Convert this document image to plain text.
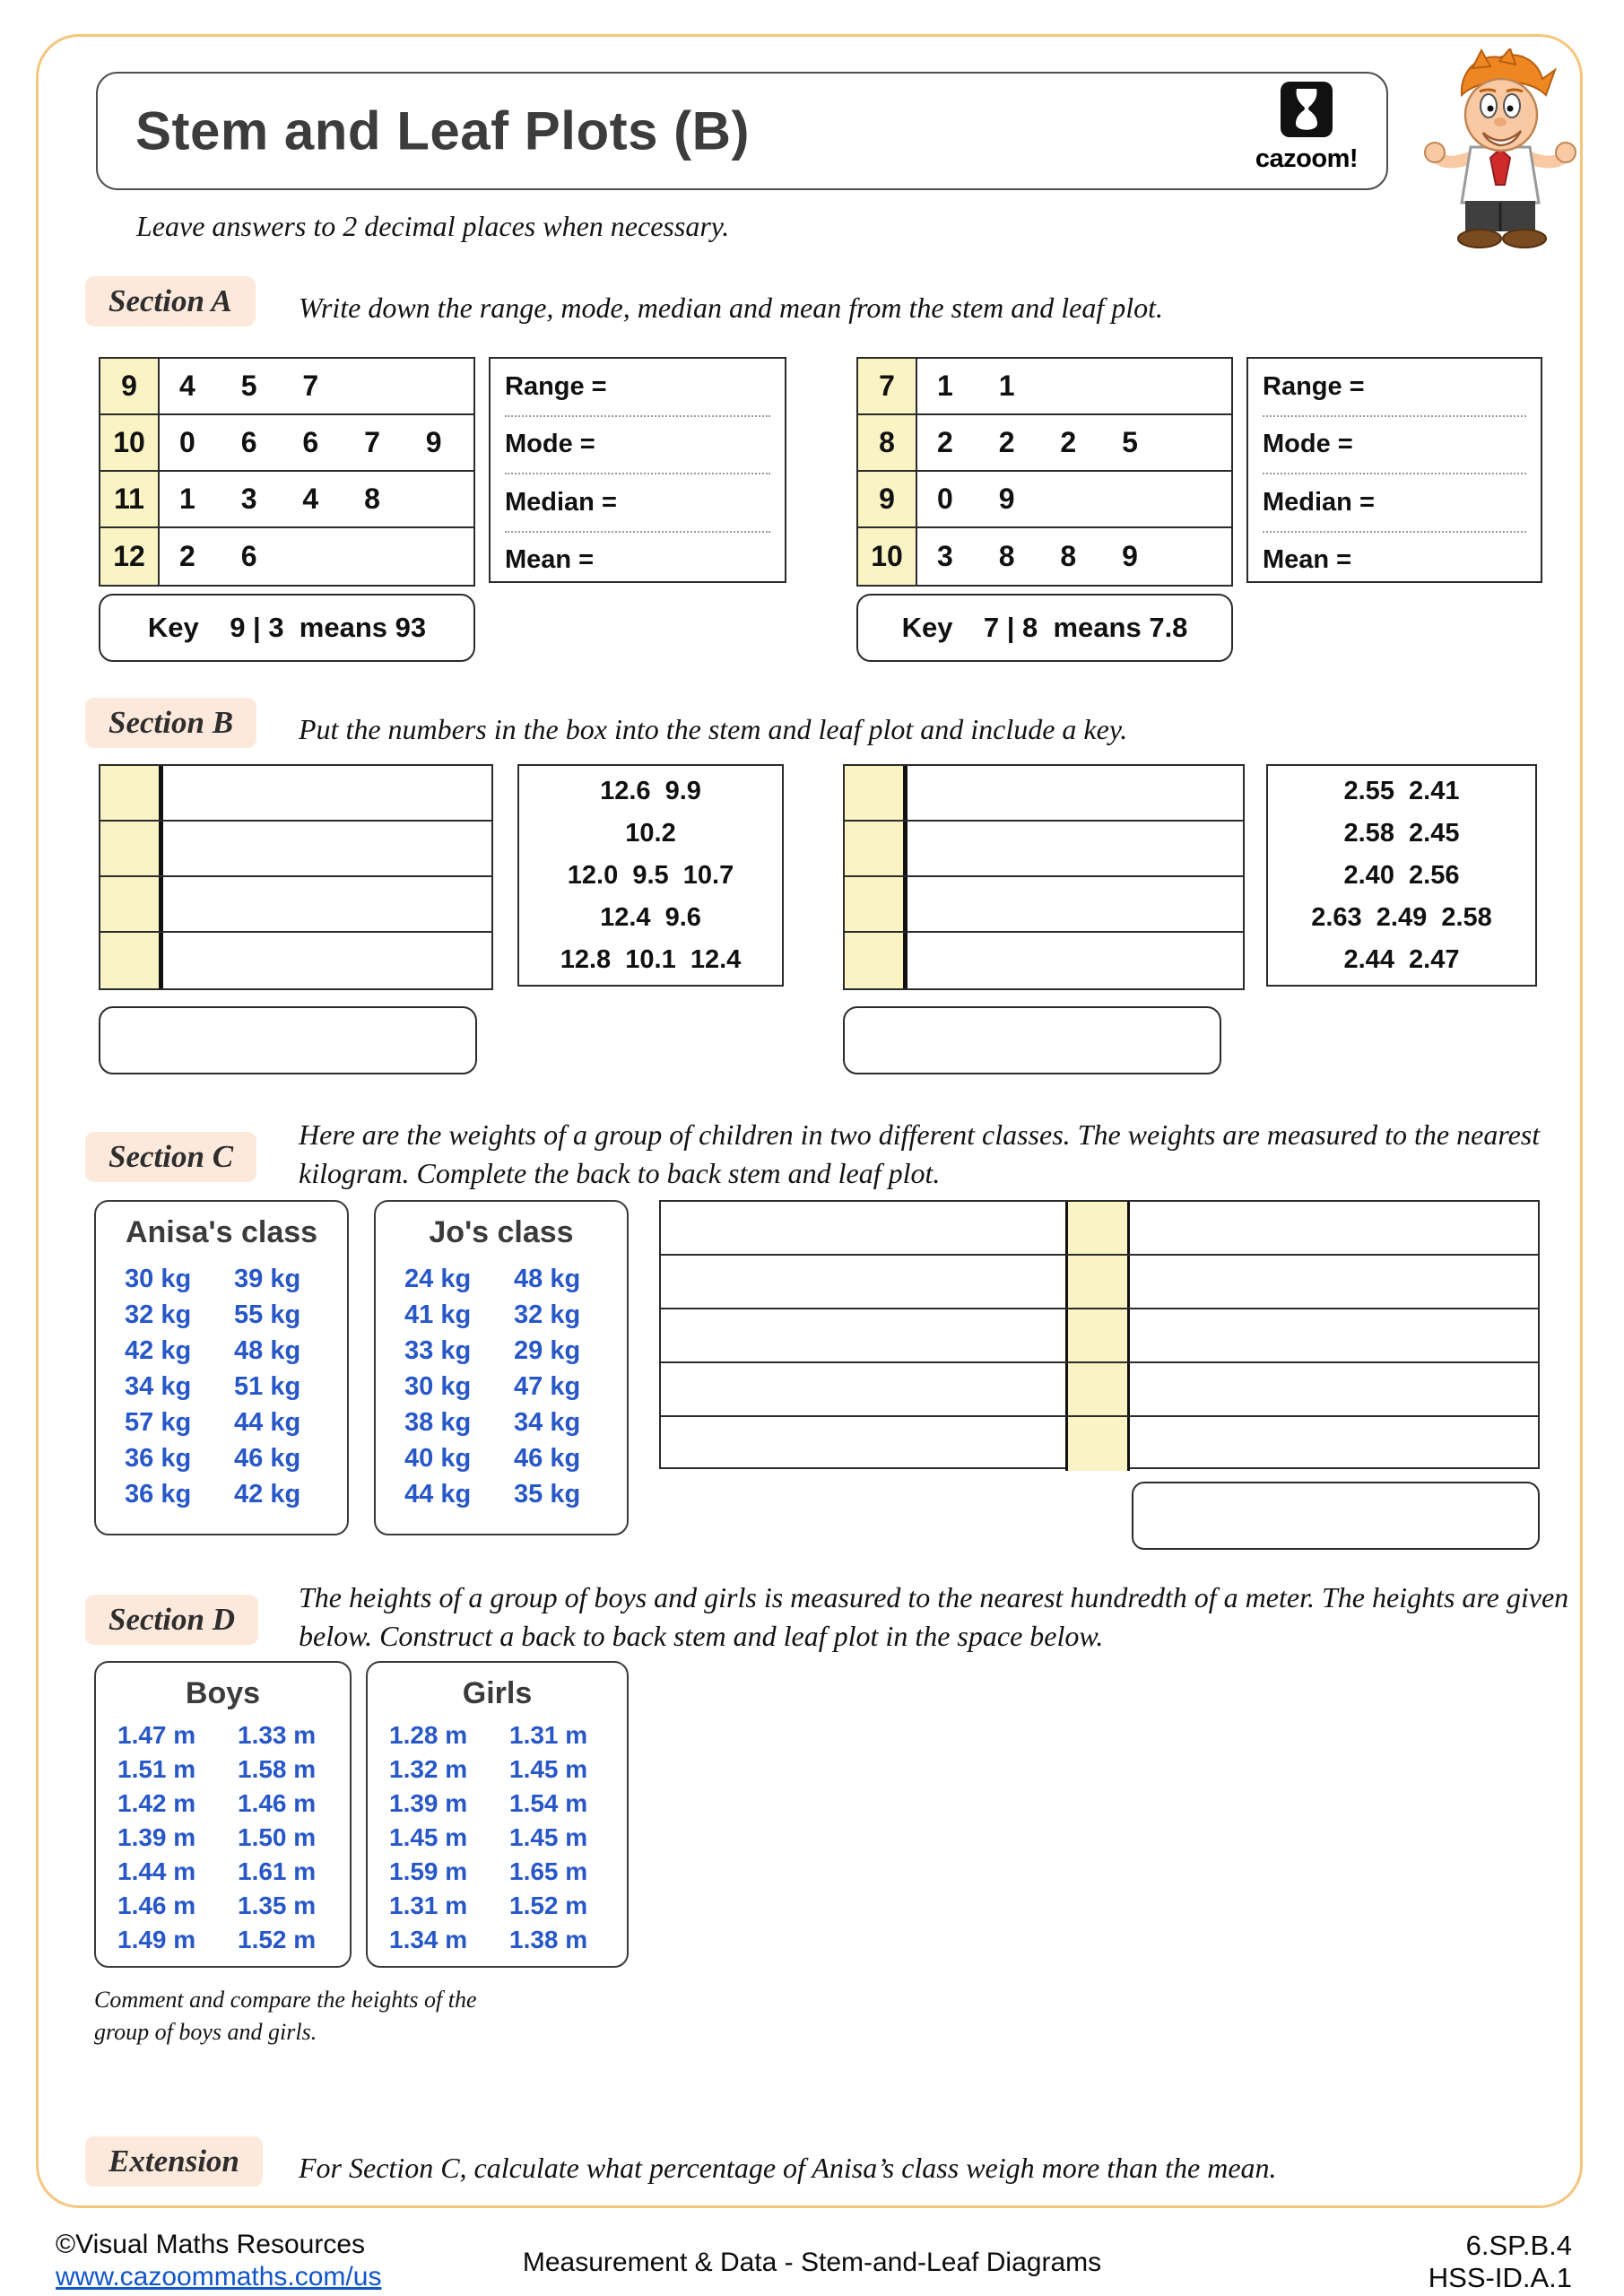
Stem and Leaf Plots (B)	cazoom!
Leave answers to 2 decimal places when necessary.
Section A	Write down the range, mode, median and mean from the stem and leaf plot.
9	4 5 7
10	0 6 6 7 9
11	1 3 4 8
12	2 6
Range =
Mode =
Median =
Mean =
7	1 1
8	2 2 2 5
9	0 9
10	3 8 8 9
Range =
Mode =
Median =
Mean =
Key    9 | 3  means 93	Key    7 | 8  means 7.8
Section B	Put the numbers in the box into the stem and leaf plot and include a key.
12.6  9.9
10.2
12.0  9.5  10.7
12.4  9.6
12.8  10.1  12.4
2.55  2.41
2.58  2.45
2.40  2.56
2.63  2.49  2.58
2.44  2.47
Section C
Here are the weights of a group of children in two different classes. The weights are measured to the nearest kilogram. Complete the back to back stem and leaf plot.
Anisa's class
30 kg	39 kg
32 kg	55 kg
42 kg	48 kg
34 kg	51 kg
57 kg	44 kg
36 kg	46 kg
36 kg	42 kg
Jo's class
24 kg	48 kg
41 kg	32 kg
33 kg	29 kg
30 kg	47 kg
38 kg	34 kg
40 kg	46 kg
44 kg	35 kg
Section D
The heights of a group of boys and girls is measured to the nearest hundredth of a meter. The heights are given below. Construct a back to back stem and leaf plot in the space below.
Boys
1.47 m	1.33 m
1.51 m	1.58 m
1.42 m	1.46 m
1.39 m	1.50 m
1.44 m	1.61 m
1.46 m	1.35 m
1.49 m	1.52 m
Girls
1.28 m	1.31 m
1.32 m	1.45 m
1.39 m	1.54 m
1.45 m	1.45 m
1.59 m	1.65 m
1.31 m	1.52 m
1.34 m	1.38 m
Comment and compare the heights of the group of boys and girls.
Extension	For Section C, calculate what percentage of Anisa’s class weigh more than the mean.
©Visual Maths Resources
www.cazoommaths.com/us	Measurement & Data - Stem-and-Leaf Diagrams
6.SP.B.4
HSS-ID.A.1
